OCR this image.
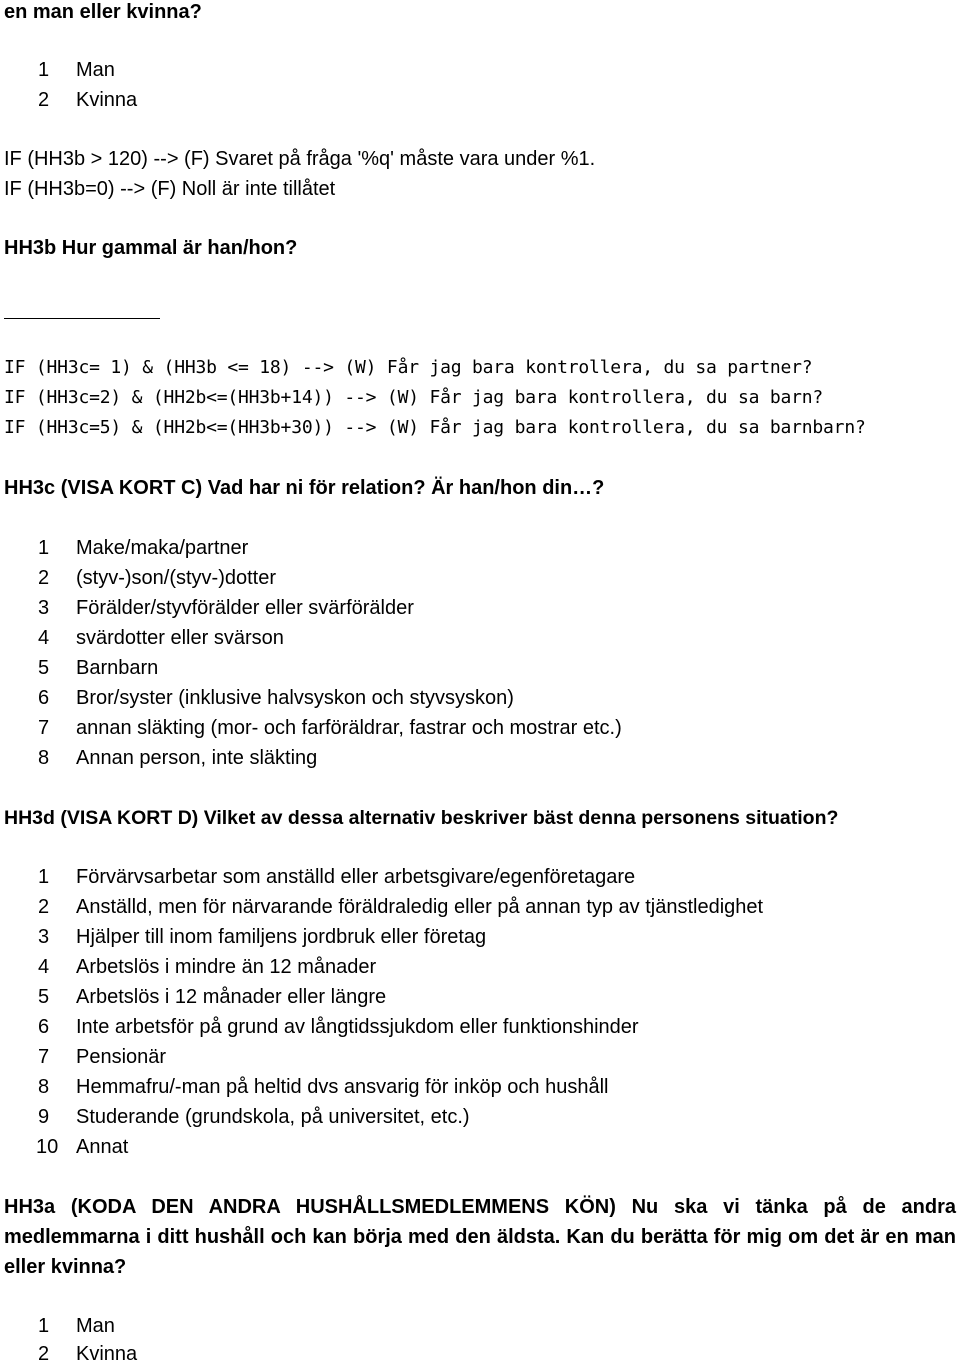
en man eller kvinna?
1 Man
2 Kvinna
IF (HH3b > 120) --> (F) Svaret på fråga '%q' måste vara under %1.
IF (HH3b=0) --> (F) Noll är inte tillåtet
HH3b Hur gammal är han/hon?
IF (HH3c= 1) & (HH3b <= 18) --> (W) Får jag bara kontrollera, du sa partner?
IF (HH3c=2) & (HH2b<=(HH3b+14)) --> (W) Får jag bara kontrollera, du sa barn?
IF (HH3c=5) & (HH2b<=(HH3b+30)) --> (W) Får jag bara kontrollera, du sa barnbarn?
HH3c (VISA KORT C) Vad har ni för relation? Är han/hon din…?
1 Make/maka/partner
2 (styv-)son/(styv-)dotter
3 Förälder/styvförälder eller svärförälder
4 svärdotter eller svärson
5 Barnbarn
6 Bror/syster (inklusive halvsyskon och styvsyskon)
7 annan släkting (mor- och farföräldrar, fastrar och mostrar etc.)
8 Annan person, inte släkting
HH3d (VISA KORT D) Vilket av dessa alternativ beskriver bäst denna personens situation?
1 Förvärvsarbetar som anställd eller arbetsgivare/egenföretagare
2 Anställd, men för närvarande föräldraledig eller på annan typ av tjänstledighet
3 Hjälper till inom familjens jordbruk eller företag
4 Arbetslös i mindre än 12 månader
5 Arbetslös i 12 månader eller längre
6 Inte arbetsför på grund av långtidssjukdom eller funktionshinder
7 Pensionär
8 Hemmafru/-man på heltid dvs ansvarig för inköp och hushåll
9 Studerande (grundskola, på universitet, etc.)
10 Annat
HH3a (KODA DEN ANDRA HUSHÅLLSMEDLEMMENS KÖN) Nu ska vi tänka på de andra medlemmarna i ditt hushåll och kan börja med den äldsta. Kan du berätta för mig om det är en man eller kvinna?
1 Man
2 Kvinna
